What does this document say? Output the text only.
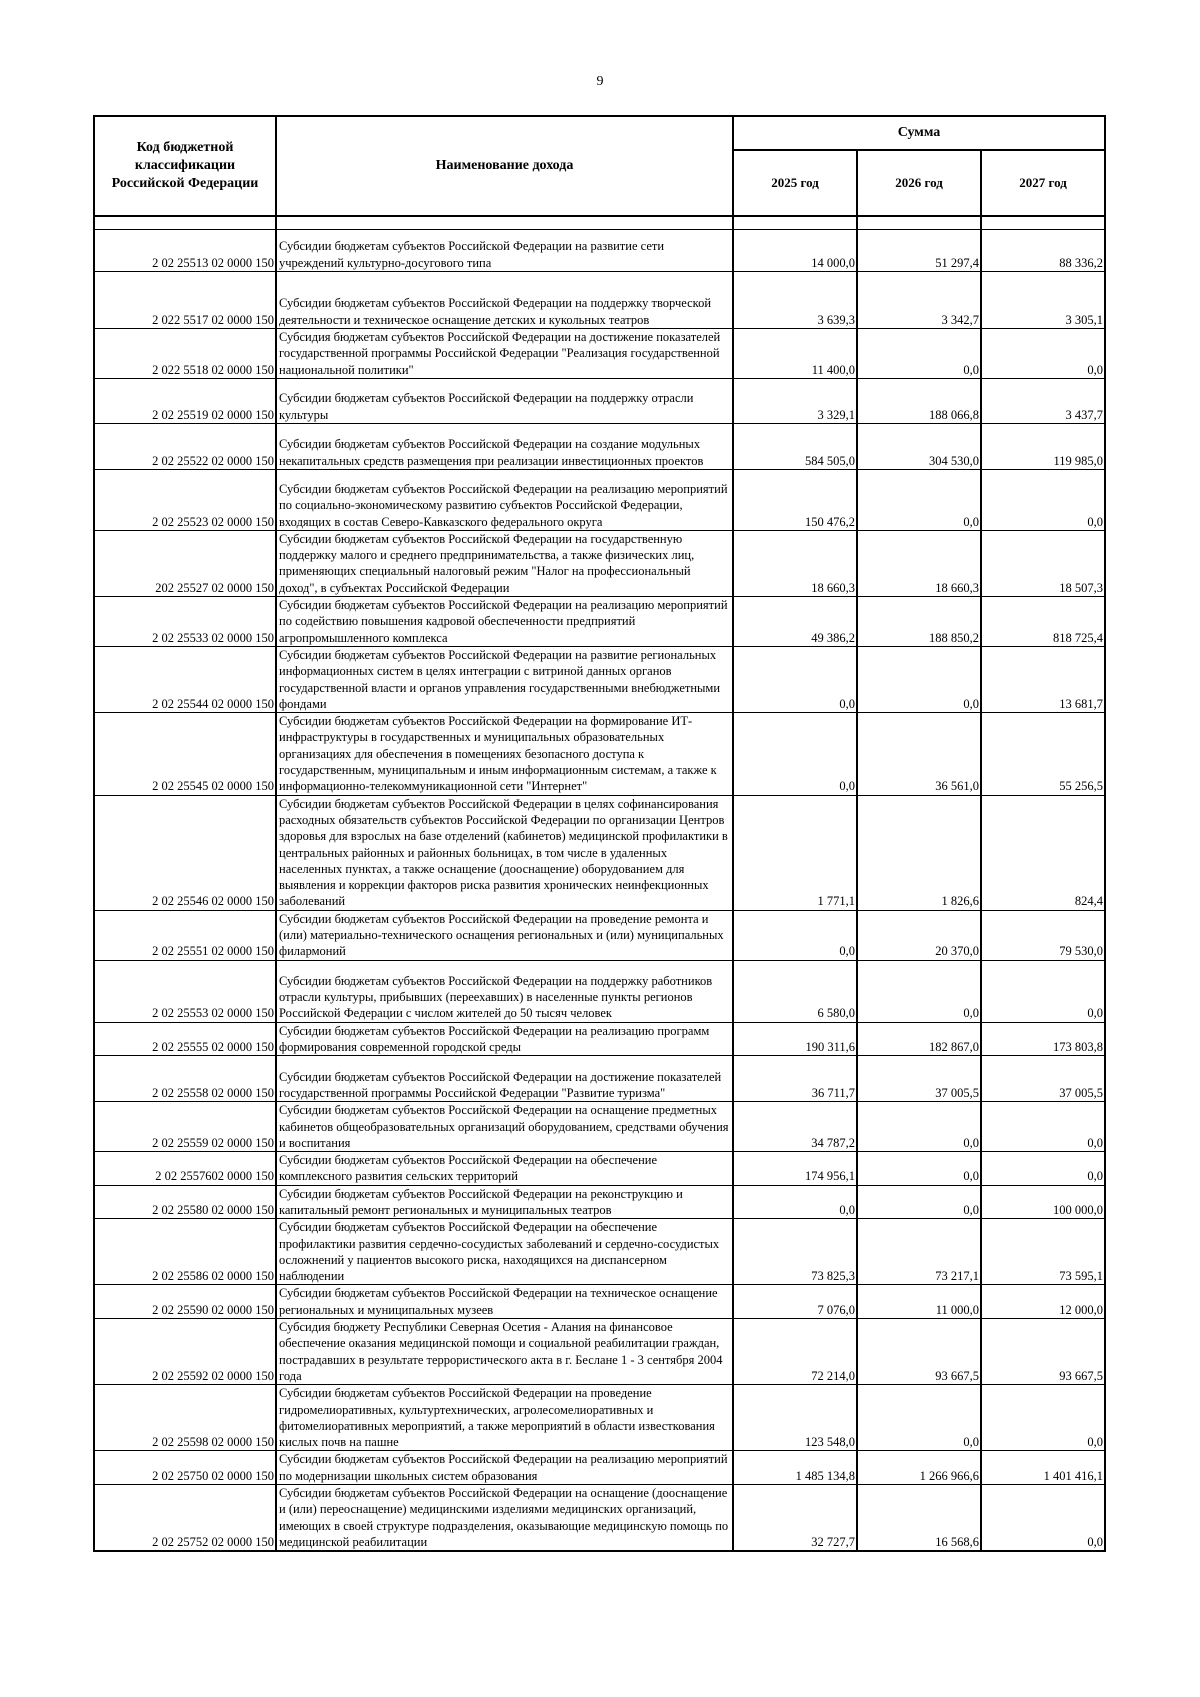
9
Код бюджетной классификации Российской Федерации	Наименование дохода	Сумма		
		2025 год	2026 год	2027 год

2 02 25513 02 0000 150	Субсидии бюджетам субъектов Российской Федерации на развитие сети учреждений культурно-досугового типа	14 000,0	51 297,4	88 336,2
2 022 5517 02 0000 150	Субсидии бюджетам субъектов Российской Федерации на поддержку творческой деятельности и техническое оснащение детских и кукольных театров	3 639,3	3 342,7	3 305,1
2 022 5518 02 0000 150	Субсидия бюджетам субъектов Российской Федерации на достижение показателей государственной программы Российской Федерации "Реализация государственной национальной политики"	11 400,0	0,0	0,0
2 02 25519 02 0000 150	Субсидии бюджетам субъектов Российской Федерации на поддержку отрасли культуры	3 329,1	188 066,8	3 437,7
2 02 25522 02 0000 150	Субсидии бюджетам субъектов Российской Федерации на создание модульных некапитальных средств размещения при реализации инвестиционных проектов	584 505,0	304 530,0	119 985,0
2 02 25523 02 0000 150	Субсидии бюджетам субъектов Российской Федерации на реализацию мероприятий по социально-экономическому развитию субъектов Российской Федерации, входящих в состав Северо-Кавказского федерального округа	150 476,2	0,0	0,0
202 25527 02 0000 150	Субсидии бюджетам субъектов Российской Федерации на государственную поддержку малого и среднего предпринимательства, а также физических лиц, применяющих специальный налоговый режим "Налог на профессиональный доход", в субъектах Российской Федерации	18 660,3	18 660,3	18 507,3
2 02 25533 02 0000 150	Субсидии бюджетам субъектов Российской Федерации на реализацию мероприятий по содействию повышения кадровой обеспеченности предприятий агропромышленного комплекса	49 386,2	188 850,2	818 725,4
2 02 25544 02 0000 150	Субсидии бюджетам субъектов Российской Федерации на развитие региональных информационных систем в целях интеграции с витриной данных органов государственной власти и органов управления государственными внебюджетными фондами	0,0	0,0	13 681,7
2 02 25545 02 0000 150	Субсидии бюджетам субъектов Российской Федерации на формирование ИТ-инфраструктуры в государственных и муниципальных образовательных организациях для обеспечения в помещениях безопасного доступа к государственным, муниципальным и иным информационным системам, а также к информационно-телекоммуникационной сети "Интернет"	0,0	36 561,0	55 256,5
2 02 25546 02 0000 150	Субсидии бюджетам субъектов Российской Федерации в целях софинансирования расходных обязательств субъектов Российской Федерации по организации Центров здоровья для взрослых на базе отделений (кабинетов) медицинской профилактики в центральных районных и районных больницах, в том числе в удаленных населенных пунктах, а также оснащение (дооснащение) оборудованием для выявления и коррекции факторов риска развития хронических неинфекционных заболеваний	1 771,1	1 826,6	824,4
2 02 25551 02 0000 150	Субсидии бюджетам субъектов Российской Федерации на проведение ремонта и (или) материально-технического оснащения региональных и (или) муниципальных филармоний	0,0	20 370,0	79 530,0
2 02 25553 02 0000 150	Субсидии бюджетам субъектов Российской Федерации на поддержку работников отрасли культуры, прибывших (переехавших) в населенные пункты регионов Российской Федерации с числом жителей до 50 тысяч человек	6 580,0	0,0	0,0
2 02 25555 02 0000 150	Субсидии бюджетам субъектов Российской Федерации на реализацию программ формирования современной городской среды	190 311,6	182 867,0	173 803,8
2 02 25558 02 0000 150	Субсидии бюджетам субъектов Российской Федерации на достижение показателей государственной программы Российской Федерации "Развитие туризма"	36 711,7	37 005,5	37 005,5
2 02 25559 02 0000 150	Субсидии бюджетам субъектов Российской Федерации на оснащение предметных кабинетов общеобразовательных организаций оборудованием, средствами обучения и воспитания	34 787,2	0,0	0,0
2 02 2557602 0000 150	Субсидии бюджетам субъектов Российской Федерации на обеспечение комплексного развития сельских территорий	174 956,1	0,0	0,0
2 02 25580 02 0000 150	Субсидии бюджетам субъектов Российской Федерации на реконструкцию и капитальный ремонт региональных и муниципальных театров	0,0	0,0	100 000,0
2 02 25586 02 0000 150	Субсидии бюджетам субъектов Российской Федерации на обеспечение профилактики развития сердечно-сосудистых заболеваний и сердечно-сосудистых осложнений у пациентов высокого риска, находящихся на диспансерном наблюдении	73 825,3	73 217,1	73 595,1
2 02 25590 02 0000 150	Субсидии бюджетам субъектов Российской Федерации на техническое оснащение региональных и муниципальных музеев	7 076,0	11 000,0	12 000,0
2 02 25592 02 0000 150	Субсидия бюджету Республики Северная Осетия - Алания на финансовое обеспечение оказания медицинской помощи и социальной реабилитации граждан, пострадавших в результате террористического акта в г. Беслане 1 - 3 сентября 2004 года	72 214,0	93 667,5	93 667,5
2 02 25598 02 0000 150	Субсидии бюджетам субъектов Российской Федерации на проведение гидромелиоративных, культуртехнических, агролесомелиоративных и фитомелиоративных мероприятий, а также мероприятий в области известкования кислых почв на пашне	123 548,0	0,0	0,0
2 02 25750 02 0000 150	Субсидии бюджетам субъектов Российской Федерации на реализацию мероприятий по модернизации школьных систем образования	1 485 134,8	1 266 966,6	1 401 416,1
2 02 25752 02 0000 150	Субсидии бюджетам субъектов Российской Федерации на оснащение (дооснащение и (или) переоснащение) медицинскими изделиями медицинских организаций, имеющих в своей структуре подразделения, оказывающие медицинскую помощь по медицинской реабилитации	32 727,7	16 568,6	0,0
